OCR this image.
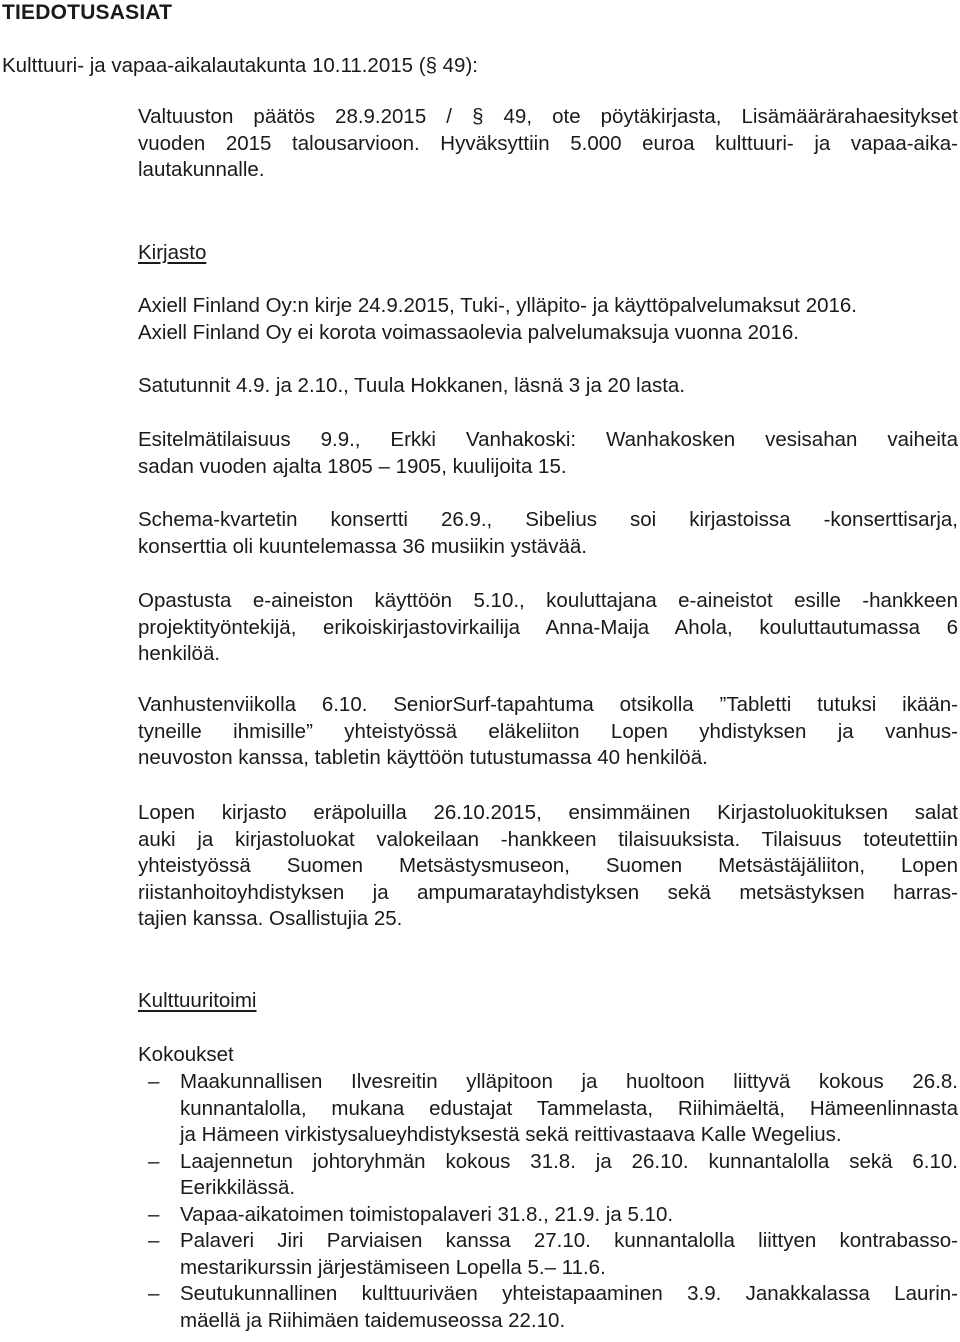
TIEDOTUSASIAT
Kulttuuri- ja vapaa-aikalautakunta 10.11.2015 (§ 49):
Valtuuston päätös 28.9.2015 / § 49, ote pöytäkirjasta, Lisämäärärahaesitykset
vuoden 2015 talousarvioon. Hyväksyttiin 5.000 euroa kulttuuri- ja vapaa-aika-
lautakunnalle.
Kirjasto
Axiell Finland Oy:n kirje 24.9.2015, Tuki-, ylläpito- ja käyttöpalvelumaksut 2016.
Axiell Finland Oy ei korota voimassaolevia palvelumaksuja vuonna 2016.
Satutunnit 4.9. ja 2.10., Tuula Hokkanen, läsnä 3 ja 20 lasta.
Esitelmätilaisuus 9.9., Erkki Vanhakoski: Wanhakosken vesisahan vaiheita
sadan vuoden ajalta 1805 – 1905, kuulijoita 15.
Schema-kvartetin konsertti 26.9., Sibelius soi kirjastoissa -konserttisarja,
konserttia oli kuuntelemassa 36 musiikin ystävää.
Opastusta e-aineiston käyttöön 5.10., kouluttajana e-aineistot esille -hankkeen
projektityöntekijä, erikoiskirjastovirkailija Anna-Maija Ahola, kouluttautumassa 6
henkilöä.
Vanhustenviikolla 6.10. SeniorSurf-tapahtuma otsikolla ”Tabletti tutuksi ikään-
tyneille ihmisille” yhteistyössä eläkeliiton Lopen yhdistyksen ja vanhus-
neuvoston kanssa, tabletin käyttöön tutustumassa 40 henkilöä.
Lopen kirjasto eräpoluilla 26.10.2015, ensimmäinen Kirjastoluokituksen salat
auki ja kirjastoluokat valokeilaan -hankkeen tilaisuuksista. Tilaisuus toteutettiin
yhteistyössä Suomen Metsästysmuseon, Suomen Metsästäjäliiton, Lopen
riistanhoitoyhdistyksen ja ampumaratayhdistyksen sekä metsästyksen harras-
tajien kanssa. Osallistujia 25.
Kulttuuritoimi
Kokoukset
– Maakunnallisen Ilvesreitin ylläpitoon ja huoltoon liittyvä kokous 26.8.
kunnantalolla, mukana edustajat Tammelasta, Riihimäeltä, Hämeenlinnasta
ja Hämeen virkistysalueyhdistyksestä sekä reittivastaava Kalle Wegelius.
– Laajennetun johtoryhmän kokous 31.8. ja 26.10. kunnantalolla sekä 6.10.
Eerikkilässä.
– Vapaa-aikatoimen toimistopalaveri 31.8., 21.9. ja 5.10.
– Palaveri Jiri Parviaisen kanssa 27.10. kunnantalolla liittyen kontrabasso-
mestarikurssin järjestämiseen Lopella 5.– 11.6.
– Seutukunnallinen kulttuuriväen yhteistapaaminen 3.9. Janakkalassa Laurin-
mäellä ja Riihimäen taidemuseossa 22.10.
